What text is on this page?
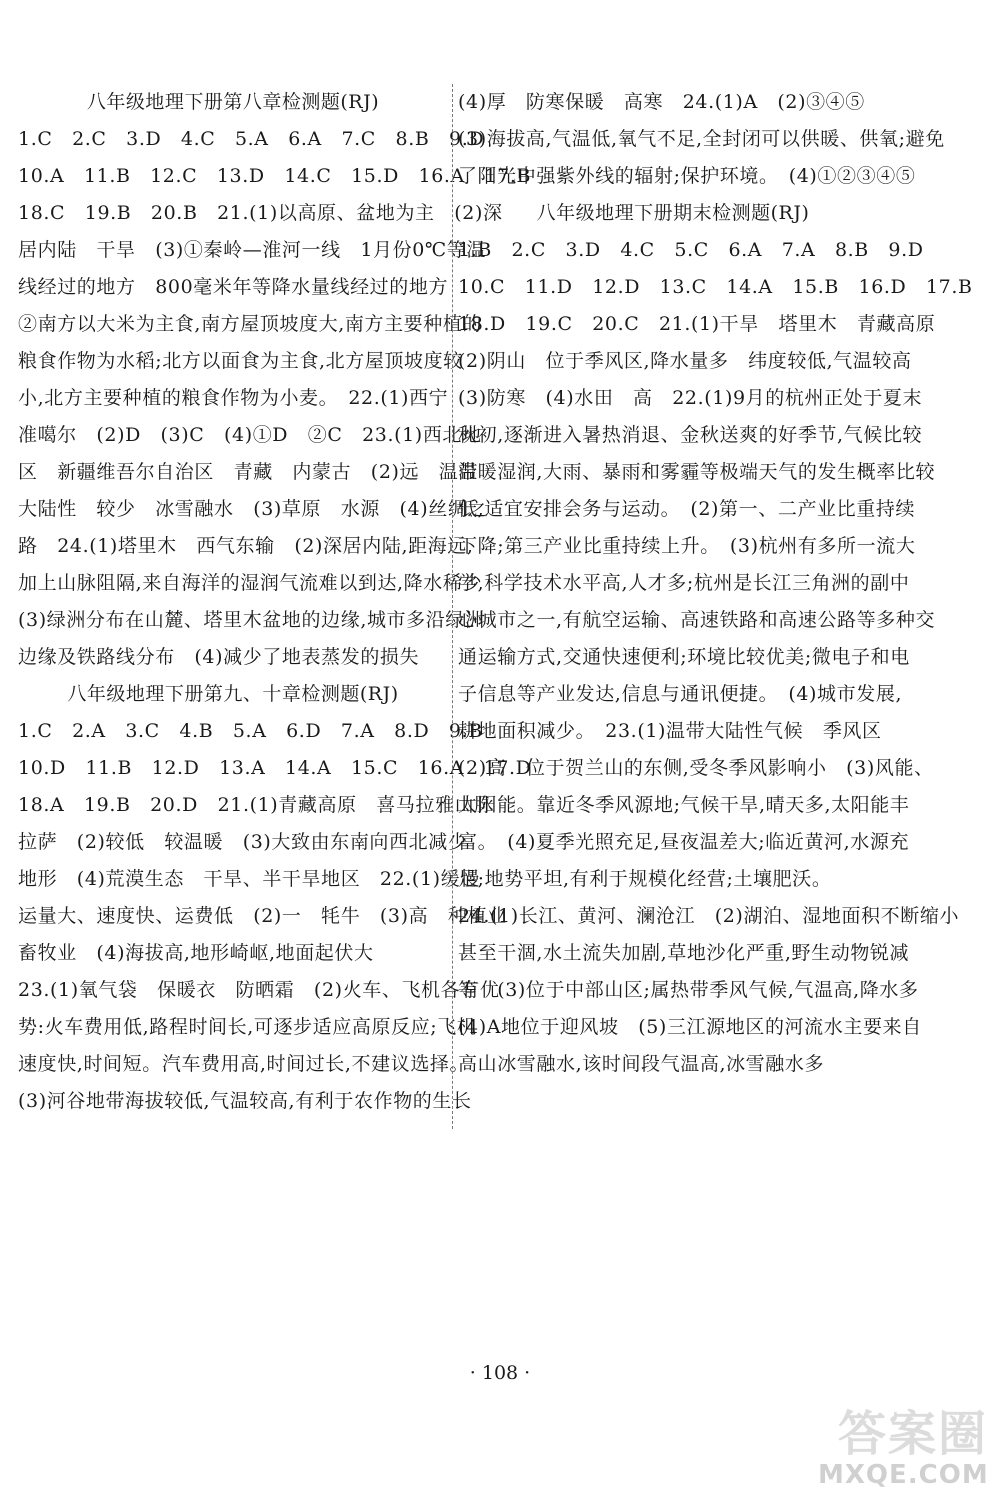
八年级地理下册第八章检测题(RJ)
1.C　2.C　3.D　4.C　5.A　6.A　7.C　8.B　9.D
10.A　11.B　12.C　13.D　14.C　15.D　16.A　17.B
18.C　19.B　20.B　21.(1)以高原、盆地为主　(2)深
居内陆　干旱　(3)①秦岭—淮河一线　1月份0℃等温
线经过的地方　800毫米年等降水量线经过的地方
②南方以大米为主食,南方屋顶坡度大,南方主要种植的
粮食作物为水稻;北方以面食为主食,北方屋顶坡度较
小,北方主要种植的粮食作物为小麦。　22.(1)西宁
准噶尔　(2)D　(3)C　(4)①D　②C　23.(1)西北地
区　新疆维吾尔自治区　青藏　内蒙古　(2)远　温带
大陆性　较少　冰雪融水　(3)草原　水源　(4)丝绸之
路　24.(1)塔里木　西气东输　(2)深居内陆,距海远,
加上山脉阻隔,来自海洋的湿润气流难以到达,降水稀少
(3)绿洲分布在山麓、塔里木盆地的边缘,城市多沿绿洲
边缘及铁路线分布　(4)减少了地表蒸发的损失
八年级地理下册第九、十章检测题(RJ)
1.C　2.A　3.C　4.B　5.A　6.D　7.A　8.D　9.B
10.D　11.B　12.D　13.A　14.A　15.C　16.A　17.D
18.A　19.B　20.D　21.(1)青藏高原　喜马拉雅山脉
拉萨　(2)较低　较温暖　(3)大致由东南向西北减少
地形　(4)荒漠生态　干旱、半干旱地区　22.(1)缓慢
运量大、速度快、运费低　(2)一　牦牛　(3)高　种植业
畜牧业　(4)海拔高,地形崎岖,地面起伏大
23.(1)氧气袋　保暖衣　防晒霜　(2)火车、飞机各有优
势:火车费用低,路程时间长,可逐步适应高原反应;飞机
速度快,时间短。汽车费用高,时间过长,不建议选择。
(3)河谷地带海拔较低,气温较高,有利于农作物的生长
(4)厚　防寒保暖　高寒　24.(1)A　(2)③④⑤
(3)海拔高,气温低,氧气不足,全封闭可以供暖、供氧;避免
了阳光中强紫外线的辐射;保护环境。　(4)①②③④⑤
八年级地理下册期末检测题(RJ)
1.B　2.C　3.D　4.C　5.C　6.A　7.A　8.B　9.D
10.C　11.D　12.D　13.C　14.A　15.B　16.D　17.B
18.D　19.C　20.C　21.(1)干旱　塔里木　青藏高原
(2)阴山　位于季风区,降水量多　纬度较低,气温较高
(3)防寒　(4)水田　高　22.(1)9月的杭州正处于夏末
秋初,逐渐进入暑热消退、金秋送爽的好季节,气候比较
温暖湿润,大雨、暴雨和雾霾等极端天气的发生概率比较
低,适宜安排会务与运动。　(2)第一、二产业比重持续
下降;第三产业比重持续上升。　(3)杭州有多所一流大
学,科学技术水平高,人才多;杭州是长江三角洲的副中
心城市之一,有航空运输、高速铁路和高速公路等多种交
通运输方式,交通快速便利;环境比较优美;微电子和电
子信息等产业发达,信息与通讯便捷。　(4)城市发展,
耕地面积减少。　23.(1)温带大陆性气候　季风区
(2)高　位于贺兰山的东侧,受冬季风影响小　(3)风能、
太阳能。靠近冬季风源地;气候干旱,晴天多,太阳能丰
富。　(4)夏季光照充足,昼夜温差大;临近黄河,水源充
足;地势平坦,有利于规模化经营;土壤肥沃。
24.(1)长江、黄河、澜沧江　(2)湖泊、湿地面积不断缩小
甚至干涸,水土流失加剧,草地沙化严重,野生动物锐减
等　(3)位于中部山区;属热带季风气候,气温高,降水多
(4)A地位于迎风坡　(5)三江源地区的河流水主要来自
高山冰雪融水,该时间段气温高,冰雪融水多
· 108 ·
答案圈
MXQE.COM
